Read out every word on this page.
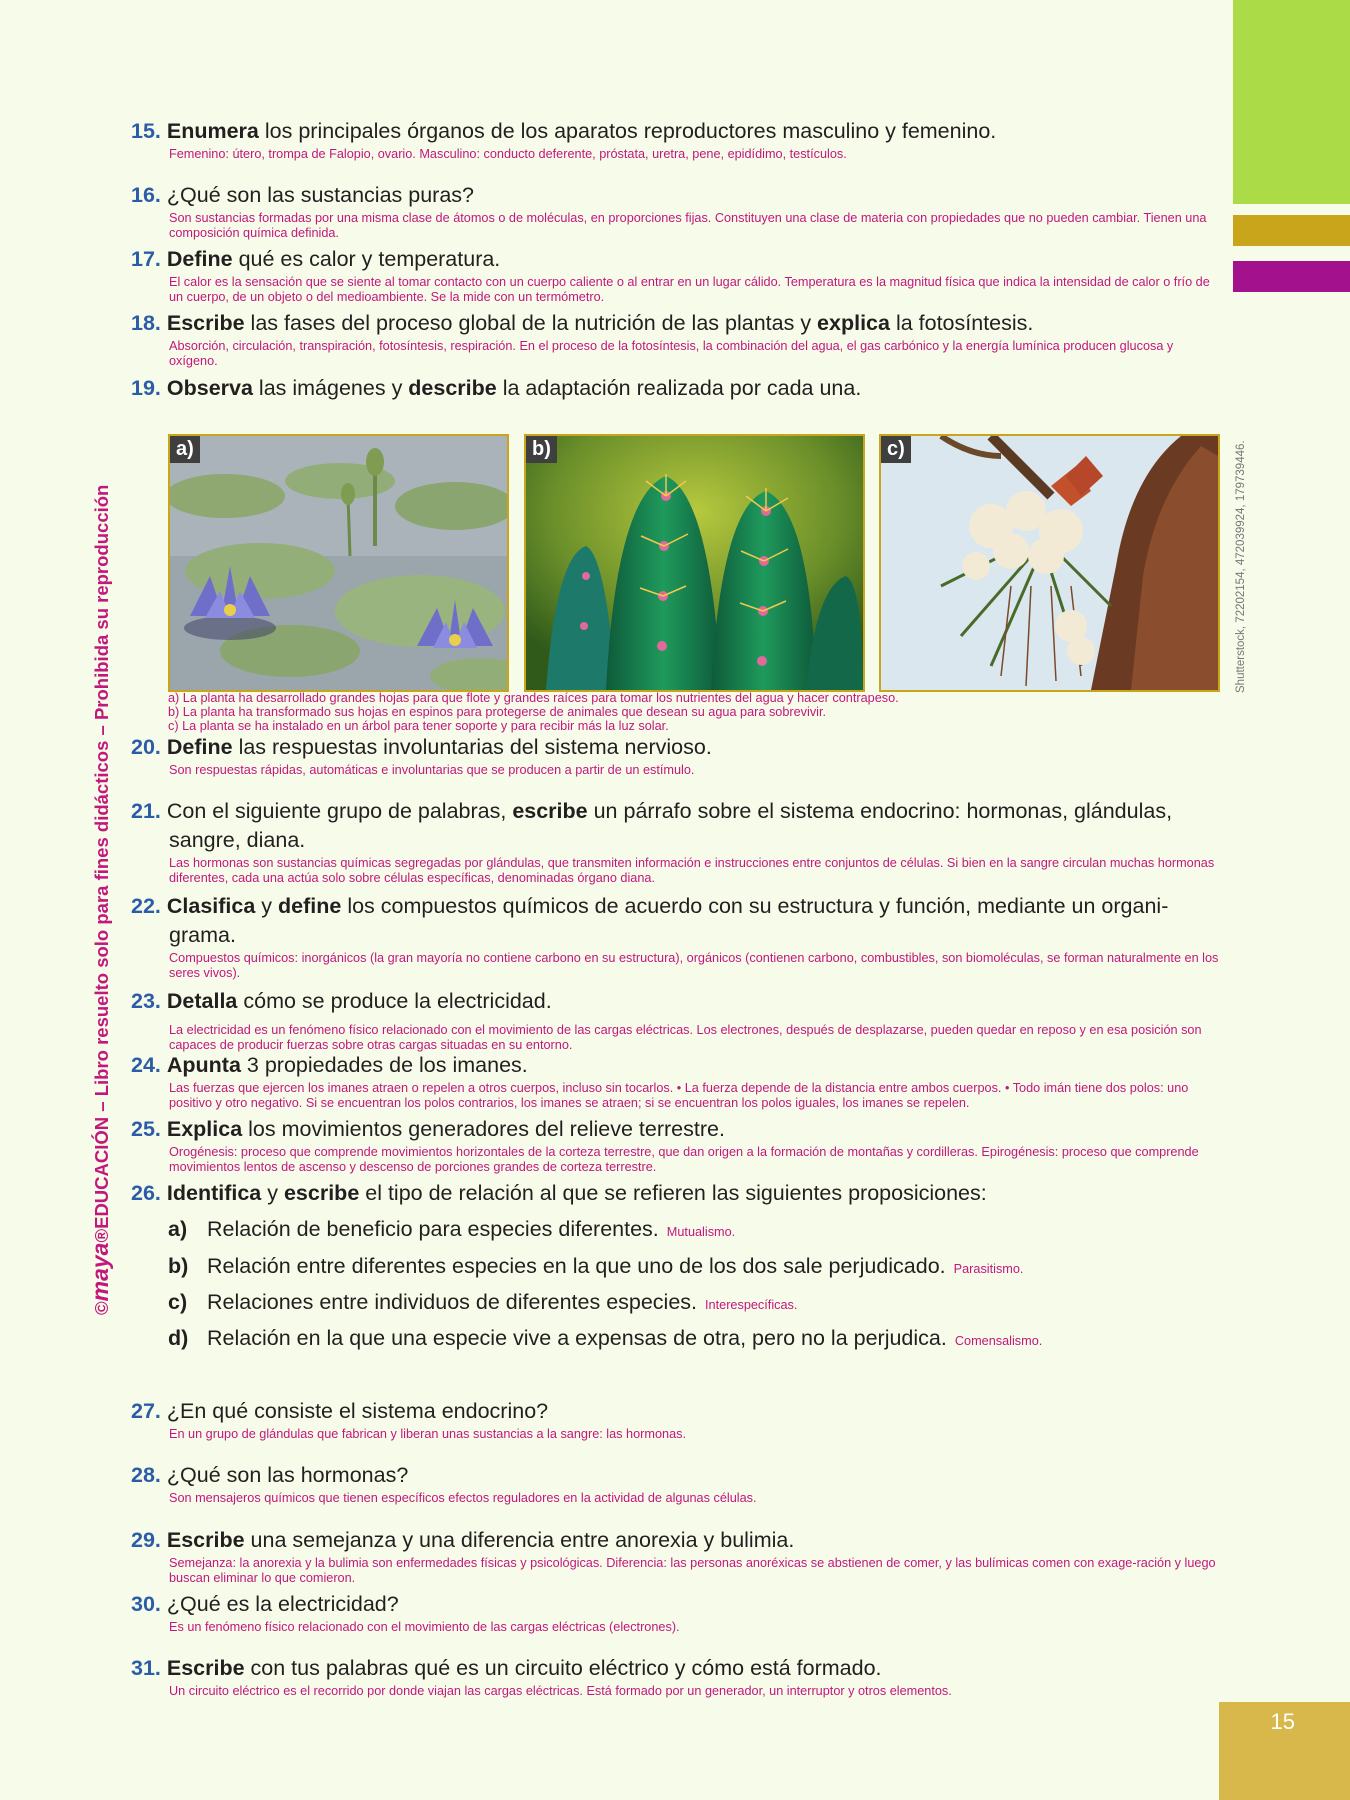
©maya®EDUCACIÓN – Libro resuelto solo para fines didácticos – Prohibida su reproducción	Shutterstock, 72202154, 472039924, 179739446.
15. Enumera los principales órganos de los aparatos reproductores masculino y femenino.
Femenino: útero, trompa de Falopio, ovario. Masculino: conducto deferente, próstata, uretra, pene, epidídimo, testículos.
16. ¿Qué son las sustancias puras?
Son sustancias formadas por una misma clase de átomos o de moléculas, en proporciones fijas. Constituyen una clase de materia con propiedades que no pueden cambiar. Tienen una composición química definida.
17. Define qué es calor y temperatura.
El calor es la sensación que se siente al tomar contacto con un cuerpo caliente o al entrar en un lugar cálido. Temperatura es la magnitud física que indica la intensidad de calor o frío de un cuerpo, de un objeto o del medioambiente. Se la mide con un termómetro.
18. Escribe las fases del proceso global de la nutrición de las plantas y explica la fotosíntesis.
Absorción, circulación, transpiración, fotosíntesis, respiración. En el proceso de la fotosíntesis, la combinación del agua, el gas carbónico y la energía lumínica producen glucosa y oxígeno.
19. Observa las imágenes y describe la adaptación realizada por cada una.
a)	b)	c)
a) La planta ha desarrollado grandes hojas para que flote y grandes raíces para tomar los nutrientes del agua y hacer contrapeso.
b) La planta ha transformado sus hojas en espinos para protegerse de animales que desean su agua para sobrevivir.
c) La planta se ha instalado en un árbol para tener soporte y para recibir más la luz solar.
20. Define las respuestas involuntarias del sistema nervioso.
Son respuestas rápidas, automáticas e involuntarias que se producen a partir de un estímulo.
21. Con el siguiente grupo de palabras, escribe un párrafo sobre el sistema endocrino: hormonas, glándulas, sangre, diana.
Las hormonas son sustancias químicas segregadas por glándulas, que transmiten información e instrucciones entre conjuntos de células. Si bien en la sangre circulan muchas hormonas diferentes, cada una actúa solo sobre células específicas, denominadas órgano diana.
22. Clasifica y define los compuestos químicos de acuerdo con su estructura y función, mediante un organi-grama.
Compuestos químicos: inorgánicos (la gran mayoría no contiene carbono en su estructura), orgánicos (contienen carbono, combustibles, son biomoléculas, se forman naturalmente en los seres vivos).
23. Detalla cómo se produce la electricidad.
La electricidad es un fenómeno físico relacionado con el movimiento de las cargas eléctricas. Los electrones, después de desplazarse, pueden quedar en reposo y en esa posición son capaces de producir fuerzas sobre otras cargas situadas en su entorno.
24. Apunta 3 propiedades de los imanes.
Las fuerzas que ejercen los imanes atraen o repelen a otros cuerpos, incluso sin tocarlos. • La fuerza depende de la distancia entre ambos cuerpos. • Todo imán tiene dos polos: uno positivo y otro negativo. Si se encuentran los polos contrarios, los imanes se atraen; si se encuentran los polos iguales, los imanes se repelen.
25. Explica los movimientos generadores del relieve terrestre.
Orogénesis: proceso que comprende movimientos horizontales de la corteza terrestre, que dan origen a la formación de montañas y cordilleras. Epirogénesis: proceso que comprende movimientos lentos de ascenso y descenso de porciones grandes de corteza terrestre.
26. Identifica y escribe el tipo de relación al que se refieren las siguientes proposiciones:
a) Relación de beneficio para especies diferentes. Mutualismo.
b) Relación entre diferentes especies en la que uno de los dos sale perjudicado. Parasitismo.
c) Relaciones entre individuos de diferentes especies. Interespecíficas.
d) Relación en la que una especie vive a expensas de otra, pero no la perjudica. Comensalismo.
27. ¿En qué consiste el sistema endocrino?
En un grupo de glándulas que fabrican y liberan unas sustancias a la sangre: las hormonas.
28. ¿Qué son las hormonas?
Son mensajeros químicos que tienen específicos efectos reguladores en la actividad de algunas células.
29. Escribe una semejanza y una diferencia entre anorexia y bulimia.
Semejanza: la anorexia y la bulimia son enfermedades físicas y psicológicas. Diferencia: las personas anoréxicas se abstienen de comer, y las bulímicas comen con exage-ración y luego buscan eliminar lo que comieron.
30. ¿Qué es la electricidad?
Es un fenómeno físico relacionado con el movimiento de las cargas eléctricas (electrones).
31. Escribe con tus palabras qué es un circuito eléctrico y cómo está formado.
Un circuito eléctrico es el recorrido por donde viajan las cargas eléctricas. Está formado por un generador, un interruptor y otros elementos.
15
